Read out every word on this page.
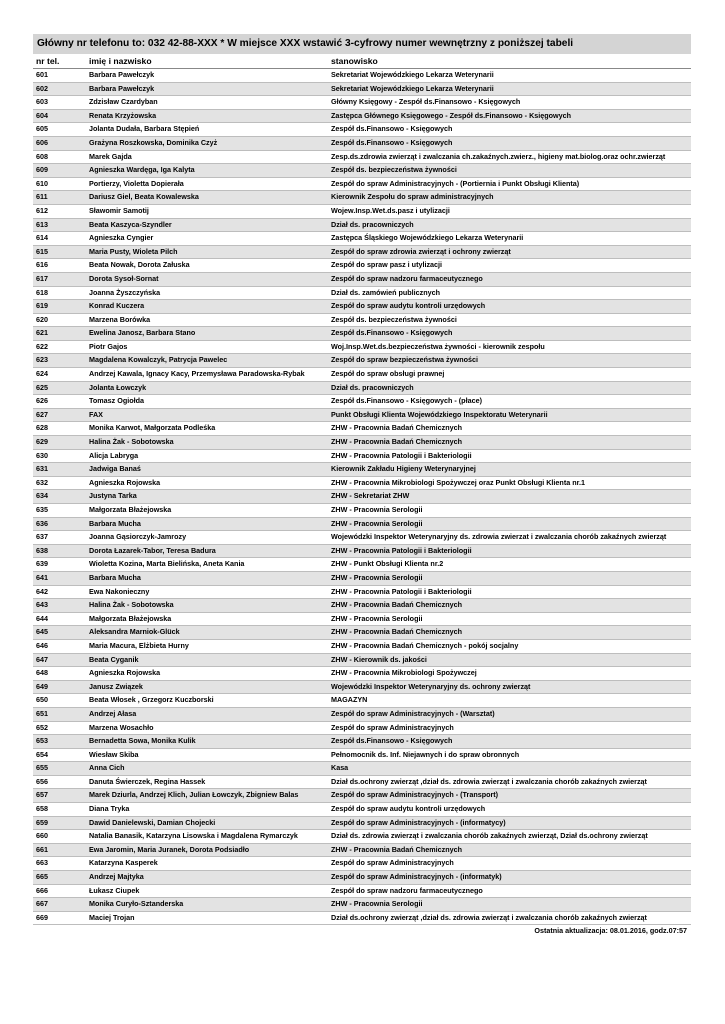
Główny nr telefonu to: 032 42-88-XXX * W miejsce XXX wstawić 3-cyfrowy numer wewnętrzny z poniższej tabeli
nr tel.	imię i nazwisko	stanowisko
601	Barbara Pawełczyk	Sekretariat Wojewódzkiego Lekarza Weterynarii
602	Barbara Pawełczyk	Sekretariat Wojewódzkiego Lekarza Weterynarii
603	Zdzisław Czardyban	Główny Księgowy - Zespół ds.Finansowo - Księgowych
604	Renata Krzyżowska	Zastępca Głównego Księgowego - Zespół ds.Finansowo - Księgowych
605	Jolanta Dudała, Barbara Stępień	Zespół ds.Finansowo - Księgowych
606	Grażyna Roszkowska, Dominika Czyż	Zespół ds.Finansowo - Księgowych
608	Marek Gajda	Zesp.ds.zdrowia zwierząt i zwalczania ch.zakaźnych.zwierz., higieny mat.biolog.oraz ochr.zwierząt
609	Agnieszka Wardęga, Iga Kalyta	Zespół ds. bezpieczeństwa żywności
610	Portierzy, Violetta Dopierała	Zespół do spraw Administracyjnych - (Portiernia i Punkt Obsługi Klienta)
611	Dariusz Giel, Beata Kowalewska	Kierownik Zespołu do spraw administracyjnych
612	Sławomir Samotij	Wojew.Insp.Wet.ds.pasz i utylizacji
613	Beata Kaszyca-Szyndler	Dział ds. pracowniczych
614	Agnieszka Cyngier	Zastępca Śląskiego Wojewódzkiego Lekarza Weterynarii
615	Maria Pusty, Wioleta Pilch	Zespół do spraw zdrowia zwierząt i ochrony zwierząt
616	Beata Nowak, Dorota Załuska	Zespół do spraw pasz i utylizacji
617	Dorota Sysoł-Sornat	Zespół do spraw nadzoru farmaceutycznego
618	Joanna Żyszczyńska	Dział ds. zamówień publicznych
619	Konrad Kuczera	Zespół do spraw audytu kontroli urzędowych
620	Marzena Borówka	Zespół ds. bezpieczeństwa żywności
621	Ewelina Janosz, Barbara Stano	Zespół ds.Finansowo - Księgowych
622	Piotr Gajos	Woj.Insp.Wet.ds.bezpieczeństwa żywności - kierownik zespołu
623	Magdalena Kowalczyk, Patrycja Pawelec	Zespół do spraw bezpieczeństwa żywności
624	Andrzej Kawala, Ignacy Kacy, Przemysława Paradowska-Rybak	Zespół do spraw obsługi prawnej
625	Jolanta Łowczyk	Dział ds. pracowniczych
626	Tomasz Ogiołda	Zespół ds.Finansowo - Księgowych - (płace)
627	FAX	Punkt Obsługi Klienta Wojewódzkiego Inspektoratu Weterynarii
628	Monika Karwot, Małgorzata Podleśka	ZHW - Pracownia Badań Chemicznych
629	Halina Żak - Sobotowska	ZHW - Pracownia Badań Chemicznych
630	Alicja Labryga	ZHW - Pracownia Patologii i Bakteriologii
631	Jadwiga Banaś	Kierownik Zakładu Higieny Weterynaryjnej
632	Agnieszka Rojowska	ZHW - Pracownia Mikrobiologi Spożywczej oraz Punkt Obsługi Klienta nr.1
634	Justyna Tarka	ZHW - Sekretariat ZHW
635	Małgorzata Błażejowska	ZHW - Pracownia Serologii
636	Barbara Mucha	ZHW - Pracownia Serologii
637	Joanna Gąsiorczyk-Jamrozy	Wojewódzki Inspektor Weterynaryjny ds. zdrowia zwierzat i zwalczania chorób zakaźnych zwierząt
638	Dorota Łazarek-Tabor, Teresa Badura	ZHW - Pracownia Patologii i Bakteriologii
639	Wioletta Kozina, Marta Bielińska, Aneta Kania	ZHW - Punkt Obsługi Klienta nr.2
641	Barbara Mucha	ZHW - Pracownia Serologii
642	Ewa Nakonieczny	ZHW - Pracownia Patologii i Bakteriologii
643	Halina Żak - Sobotowska	ZHW - Pracownia Badań Chemicznych
644	Małgorzata Błażejowska	ZHW - Pracownia Serologii
645	Aleksandra Marniok-Glück	ZHW - Pracownia Badań Chemicznych
646	Maria Macura, Elżbieta Hurny	ZHW - Pracownia Badań Chemicznych - pokój socjalny
647	Beata Cyganik	ZHW - Kierownik ds. jakości
648	Agnieszka Rojowska	ZHW - Pracownia Mikrobiologi Spożywczej
649	Janusz Związek	Wojewódzki Inspektor Weterynaryjny ds. ochrony zwierząt
650	Beata Włosek , Grzegorz Kuczborski	MAGAZYN
651	Andrzej Ałasa	Zespół do spraw Administracyjnych - (Warsztat)
652	Marzena Wosachło	Zespół do spraw Administracyjnych
653	Bernadetta Sowa, Monika Kulik	Zespół ds.Finansowo - Księgowych
654	Wiesław Skiba	Pełnomocnik ds. Inf. Niejawnych i do spraw obronnych
655	Anna Cich	Kasa
656	Danuta Świerczek, Regina Hassek	Dział ds.ochrony zwierząt ,dział ds. zdrowia zwierząt i zwalczania chorób zakaźnych zwierząt
657	Marek Dziurla, Andrzej Klich, Julian Łowczyk, Zbigniew Balas	Zespół do spraw Administracyjnych - (Transport)
658	Diana Tryka	Zespół do spraw audytu kontroli urzędowych
659	Dawid Danielewski, Damian Chojecki	Zespół do spraw Administracyjnych - (informatycy)
660	Natalia Banasik, Katarzyna Lisowska i Magdalena Rymarczyk	Dział ds. zdrowia zwierząt i zwalczania chorób zakaźnych zwierząt, Dział ds.ochrony zwierząt
661	Ewa Jaromin, Maria Juranek, Dorota Podsiadło	ZHW - Pracownia Badań Chemicznych
663	Katarzyna Kasperek	Zespół do spraw Administracyjnych
665	Andrzej Majtyka	Zespół do spraw Administracyjnych - (informatyk)
666	Łukasz Ciupek	Zespół do spraw nadzoru farmaceutycznego
667	Monika Curyło-Sztanderska	ZHW - Pracownia Serologii
669	Maciej Trojan	Dział ds.ochrony zwierząt ,dział ds. zdrowia zwierząt i zwalczania chorób zakaźnych zwierząt
Ostatnia aktualizacja: 08.01.2016, godz.07:57
